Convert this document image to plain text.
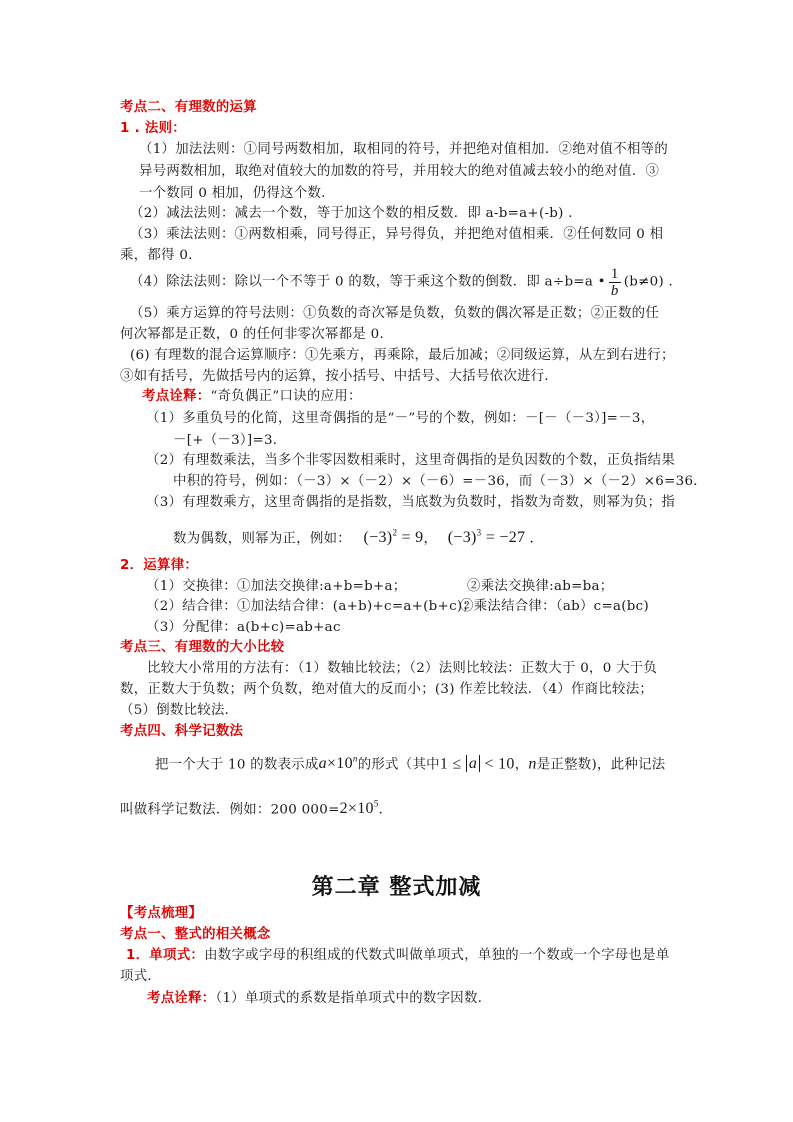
考点二、有理数的运算
1 . 法则：
（1）加法法则：①同号两数相加，取相同的符号，并把绝对值相加．②绝对值不相等的
异号两数相加，取绝对值较大的加数的符号，并用较大的绝对值减去较小的绝对值．③
一个数同 0 相加，仍得这个数．
（2）减法法则：减去一个数，等于加这个数的相反数．即 a-b=a+(-b) ．
（3）乘法法则：①两数相乘，同号得正，异号得负，并把绝对值相乘．②任何数同 0 相
乘，都得 0．
（4）除法法则：除以一个不等于 0 的数，等于乘这个数的倒数．即 a÷b=a • $\frac{1}{b} (b\ne 0)$ ．
（5）乘方运算的符号法则：①负数的奇次幂是负数，负数的偶次幂是正数；②正数的任
何次幂都是正数，0 的任何非零次幂都是 0．
(6) 有理数的混合运算顺序：①先乘方，再乘除，最后加减；②同级运算，从左到右进行；
③如有括号，先做括号内的运算，按小括号、中括号、大括号依次进行．
考点诠释：“奇负偶正”口诀的应用：
（1）多重负号的化简，这里奇偶指的是“－”号的个数，例如：－[－（－3）]=－3，
－[+（－3）]=3．
（2）有理数乘法，当多个非零因数相乘时，这里奇偶指的是负因数的个数，正负指结果
中积的符号，例如：（－3）×（－2）×（－6）=－36，而（－3）×（－2）×6=36．
（3）有理数乘方，这里奇偶指的是指数，当底数为负数时，指数为奇数，则幂为负；指
数为偶数，则幂为正，例如： $(-3)^2 = 9$， $(-3)^3 = -27$ .
2．运算律：
（1）交换律：①加法交换律:a+b=b+a；	②乘法交换律:ab=ba；
（2）结合律：①加法结合律：(a+b)+c=a+(b+c)；
②乘法结合律：（ab）c=a(bc)
（3）分配律：a(b+c)=ab+ac
考点三、有理数的大小比较
比较大小常用的方法有：（1）数轴比较法；（2）法则比较法：正数大于 0，0 大于负
数，正数大于负数；两个负数，绝对值大的反而小；(3) 作差比较法．（4）作商比较法；
（5）倒数比较法．
考点四、科学记数法
把一个大于 10 的数表示成$a\times 10^n$的形式（其中1 ≤ a < 10，n是正整数)，此种记法
叫做科学记数法．例如：200 $000=2\times 10^5$．
第二章 整式加减
【考点梳理】
考点一、整式的相关概念
1．单项式：由数字或字母的积组成的代数式叫做单项式，单独的一个数或一个字母也是单
项式．
考点诠释：（1）单项式的系数是指单项式中的数字因数．
